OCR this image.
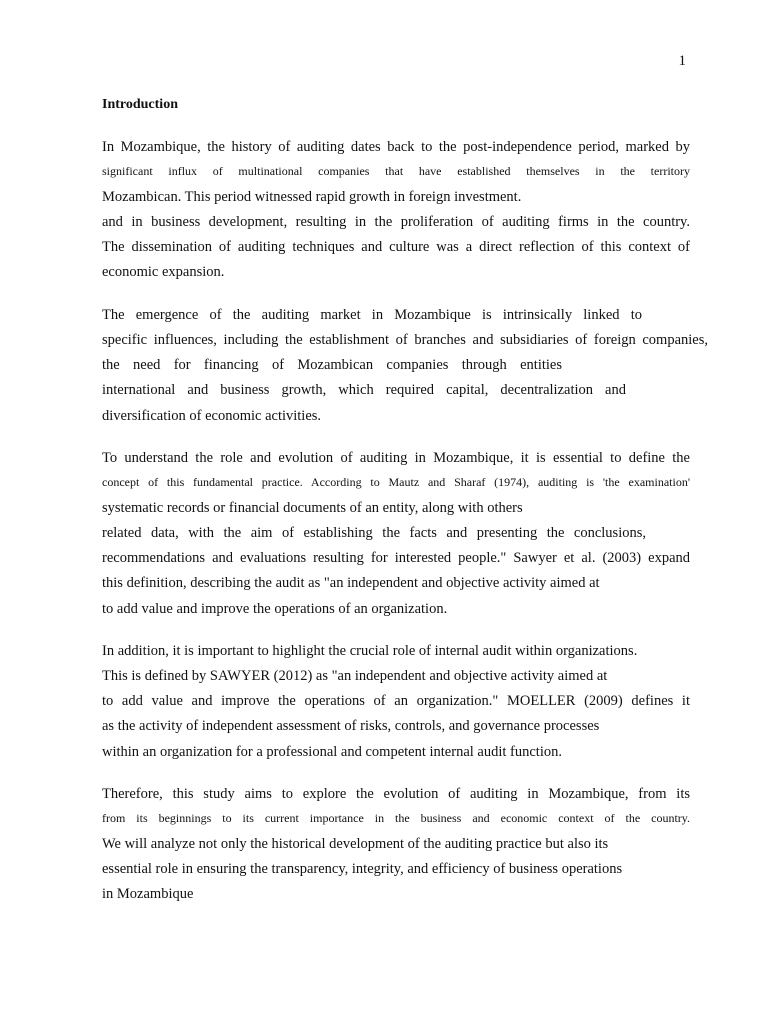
1
Introduction
In Mozambique, the history of auditing dates back to the post-independence period, marked by
significant influx of multinational companies that have established themselves in the territory
Mozambican. This period witnessed rapid growth in foreign investment.
and in business development, resulting in the proliferation of auditing firms in the country.
The dissemination of auditing techniques and culture was a direct reflection of this context of
economic expansion.
The emergence of the auditing market in Mozambique is intrinsically linked to
specific influences, including the establishment of branches and subsidiaries of foreign companies,
the need for financing of Mozambican companies through entities
international and business growth, which required capital, decentralization and
diversification of economic activities.
To understand the role and evolution of auditing in Mozambique, it is essential to define the
concept of this fundamental practice. According to Mautz and Sharaf (1974), auditing is 'the examination'
systematic records or financial documents of an entity, along with others
related data, with the aim of establishing the facts and presenting the conclusions,
recommendations and evaluations resulting for interested people." Sawyer et al. (2003) expand
this definition, describing the audit as "an independent and objective activity aimed at
to add value and improve the operations of an organization.
In addition, it is important to highlight the crucial role of internal audit within organizations.
This is defined by SAWYER (2012) as "an independent and objective activity aimed at
to add value and improve the operations of an organization." MOELLER (2009) defines it
as the activity of independent assessment of risks, controls, and governance processes
within an organization for a professional and competent internal audit function.
Therefore, this study aims to explore the evolution of auditing in Mozambique, from its
from its beginnings to its current importance in the business and economic context of the country.
We will analyze not only the historical development of the auditing practice but also its
essential role in ensuring the transparency, integrity, and efficiency of business operations
in Mozambique
